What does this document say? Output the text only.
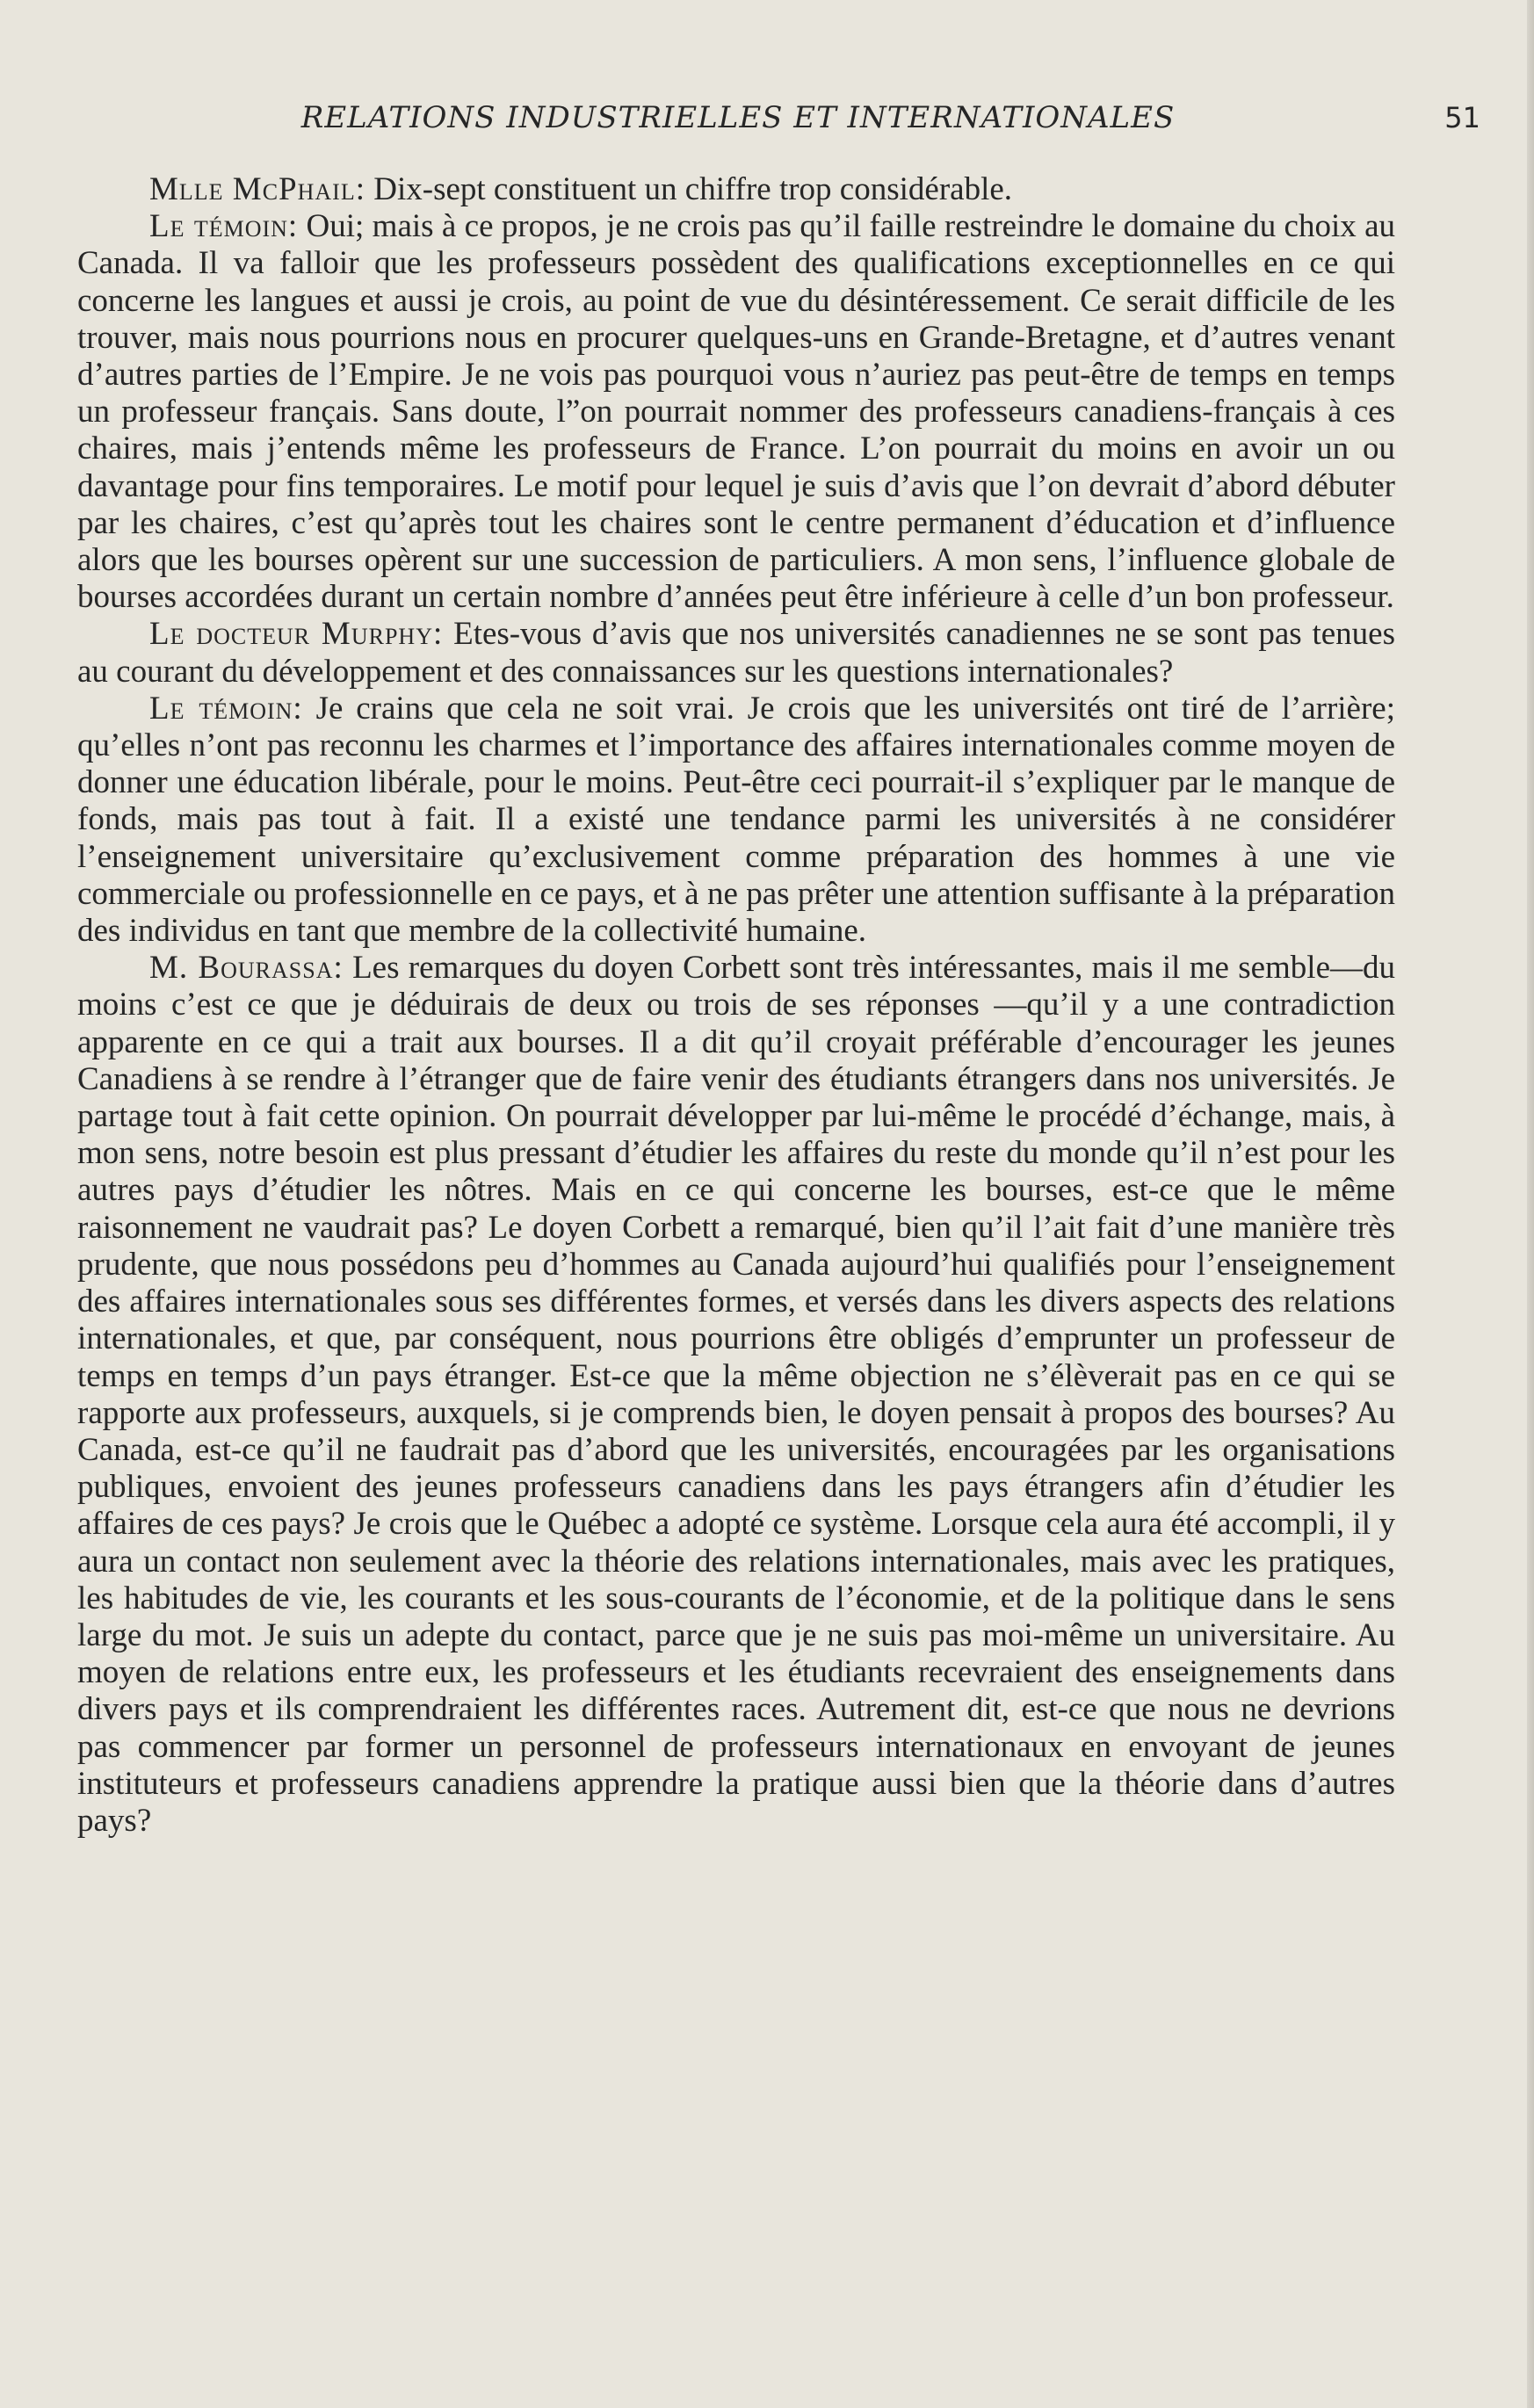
RELATIONS INDUSTRIELLES ET INTERNATIONALES	51

Mlle McPhail: Dix-sept constituent un chiffre trop considérable.

Le témoin: Oui; mais à ce propos, je ne crois pas qu’il faille restreindre le domaine du choix au Canada. Il va falloir que les professeurs possèdent des qualifications exceptionnelles en ce qui concerne les langues et aussi je crois, au point de vue du désintéressement. Ce serait difficile de les trouver, mais nous pourrions nous en procurer quelques-uns en Grande-Bretagne, et d’autres venant d’autres parties de l’Empire. Je ne vois pas pourquoi vous n’auriez pas peut-être de temps en temps un professeur français. Sans doute, l”on pourrait nommer des professeurs canadiens-français à ces chaires, mais j’entends même les professeurs de France. L’on pourrait du moins en avoir un ou davantage pour fins temporaires. Le motif pour lequel je suis d’avis que l’on devrait d’abord débuter par les chaires, c’est qu’après tout les chaires sont le centre permanent d’éducation et d’influence alors que les bourses opèrent sur une succession de particuliers. A mon sens, l’influence globale de bourses accordées durant un certain nombre d’années peut être inférieure à celle d’un bon professeur.

Le docteur Murphy: Etes-vous d’avis que nos universités canadiennes ne se sont pas tenues au courant du développement et des connaissances sur les questions internationales?

Le témoin: Je crains que cela ne soit vrai. Je crois que les universités ont tiré de l’arrière; qu’elles n’ont pas reconnu les charmes et l’importance des affaires internationales comme moyen de donner une éducation libérale, pour le moins. Peut-être ceci pourrait-il s’expliquer par le manque de fonds, mais pas tout à fait. Il a existé une tendance parmi les universités à ne considérer l’enseignement universitaire qu’exclusivement comme préparation des hommes à une vie commerciale ou professionnelle en ce pays, et à ne pas prêter une attention suffisante à la préparation des individus en tant que membre de la collectivité humaine.

M. Bourassa: Les remarques du doyen Corbett sont très intéressantes, mais il me semble—du moins c’est ce que je déduirais de deux ou trois de ses réponses —qu’il y a une contradiction apparente en ce qui a trait aux bourses. Il a dit qu’il croyait préférable d’encourager les jeunes Canadiens à se rendre à l’étranger que de faire venir des étudiants étrangers dans nos universités. Je partage tout à fait cette opinion. On pourrait développer par lui-même le procédé d’échange, mais, à mon sens, notre besoin est plus pressant d’étudier les affaires du reste du monde qu’il n’est pour les autres pays d’étudier les nôtres. Mais en ce qui concerne les bourses, est-ce que le même raisonnement ne vaudrait pas? Le doyen Corbett a remarqué, bien qu’il l’ait fait d’une manière très prudente, que nous possédons peu d’hommes au Canada aujourd’hui qualifiés pour l’enseignement des affaires internationales sous ses différentes formes, et versés dans les divers aspects des relations internationales, et que, par conséquent, nous pourrions être obligés d’emprunter un professeur de temps en temps d’un pays étranger. Est-ce que la même objection ne s’élèverait pas en ce qui se rapporte aux professeurs, auxquels, si je comprends bien, le doyen pensait à propos des bourses? Au Canada, est-ce qu’il ne faudrait pas d’abord que les universités, encouragées par les organisations publiques, envoient des jeunes professeurs canadiens dans les pays étrangers afin d’étudier les affaires de ces pays? Je crois que le Québec a adopté ce système. Lorsque cela aura été accompli, il y aura un contact non seulement avec la théorie des relations internationales, mais avec les pratiques, les habitudes de vie, les courants et les sous-courants de l’économie, et de la politique dans le sens large du mot. Je suis un adepte du contact, parce que je ne suis pas moi-même un universitaire. Au moyen de relations entre eux, les professeurs et les étudiants recevraient des enseignements dans divers pays et ils comprendraient les différentes races. Autrement dit, est-ce que nous ne devrions pas commencer par former un personnel de professeurs internationaux en envoyant de jeunes instituteurs et professeurs canadiens apprendre la pratique aussi bien que la théorie dans d’autres pays?
